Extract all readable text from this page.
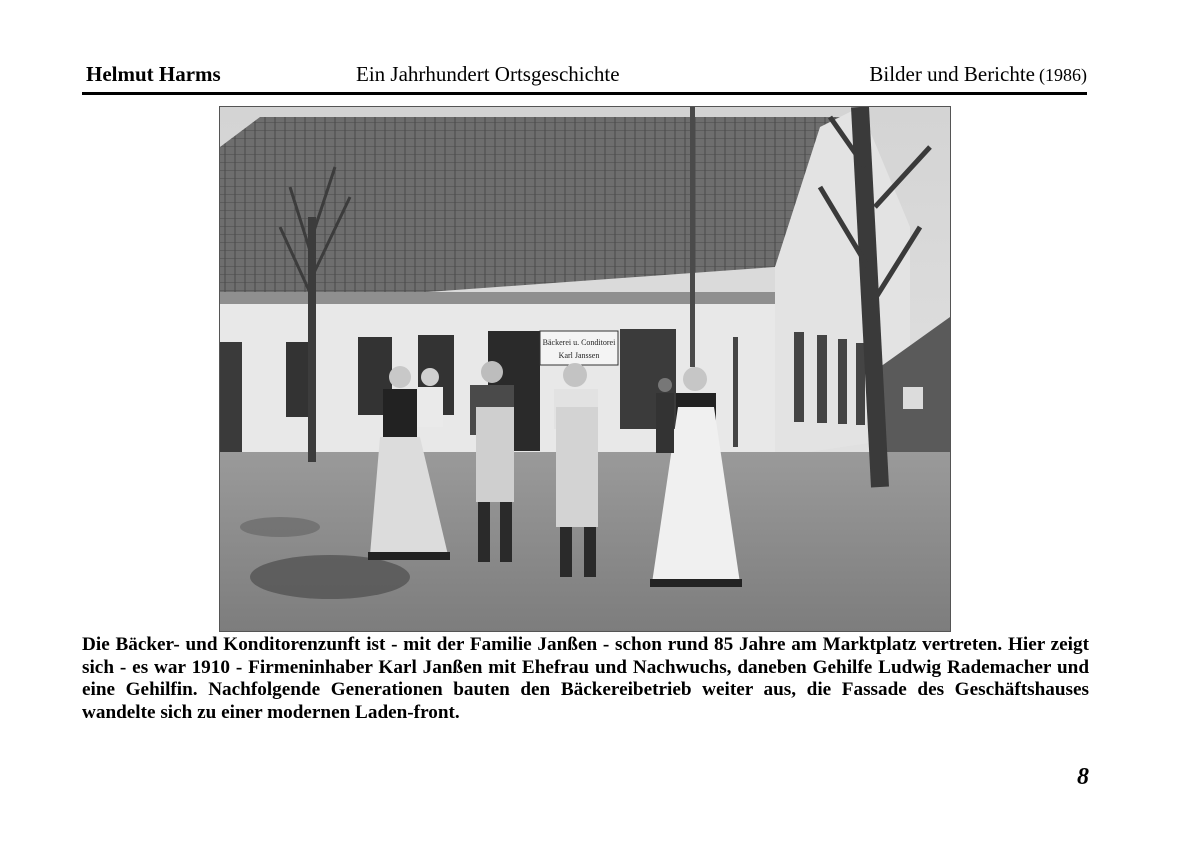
Helmut Harms	Ein Jahrhundert Ortsgeschichte	Bilder und Berichte (1986)
Bäckerei u. Conditorei
Karl Janssen
Die Bäcker- und Konditorenzunft ist - mit der Familie Janßen - schon rund 85 Jahre am Marktplatz vertreten. Hier zeigt sich - es war 1910 - Firmeninhaber Karl Janßen mit Ehefrau und Nachwuchs, daneben Gehilfe Ludwig Rademacher und eine Gehilfin. Nachfolgende Generationen bauten den Bäckereibetrieb weiter aus, die Fassade des Geschäftshauses wandelte sich zu einer modernen Laden-front.
8
